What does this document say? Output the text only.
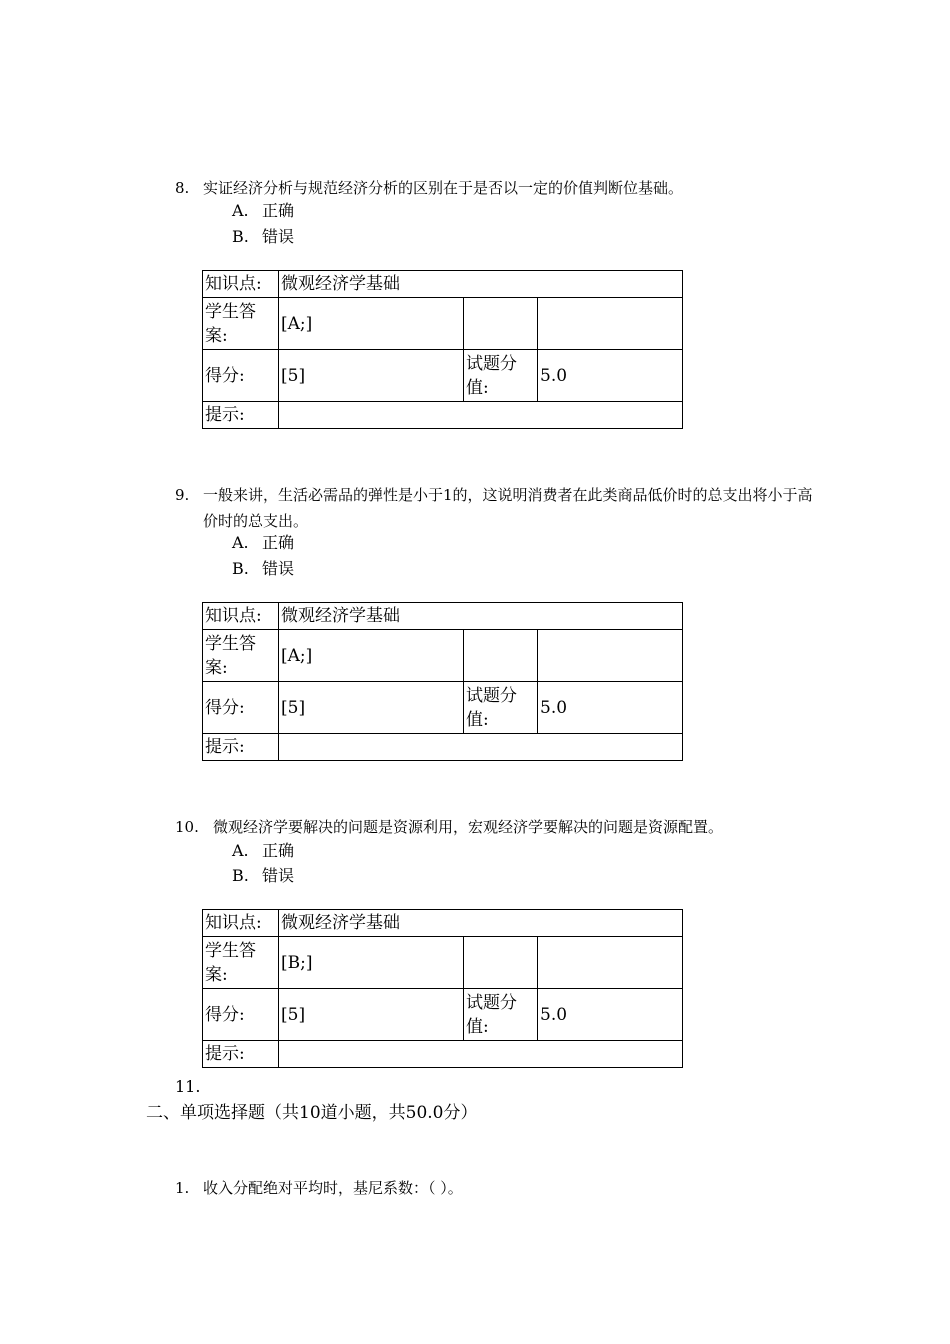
8. 实证经济分析与规范经济分析的区别在于是否以一定的价值判断位基础。
A. 正确
B. 错误
知识点:	微观经济学基础		
学生答案:	[A;]		
得分:	[5]	试题分值:	5.0
提示:			
9. 一般来讲，生活必需品的弹性是小于1的，这说明消费者在此类商品低价时的总支出将小于高价时的总支出。
A. 正确
B. 错误
知识点:	微观经济学基础		
学生答案:	[A;]		
得分:	[5]	试题分值:	5.0
提示:			
10. 微观经济学要解决的问题是资源利用，宏观经济学要解决的问题是资源配置。
A. 正确
B. 错误
知识点:	微观经济学基础		
学生答案:	[B;]		
得分:	[5]	试题分值:	5.0
提示:			
11.
二、单项选择题（共10道小题，共50.0分）
1. 收入分配绝对平均时，基尼系数：（ ）。
